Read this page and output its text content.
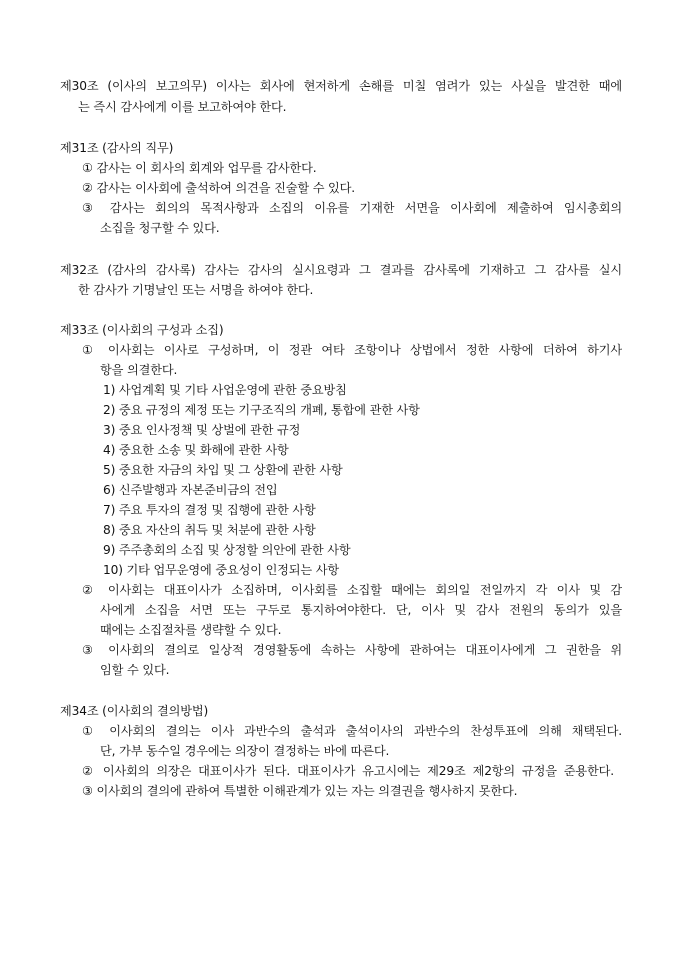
제30조 (이사의 보고의무) 이사는 회사에 현저하게 손해를 미칠 염려가 있는 사실을 발견한 때에
는 즉시 감사에게 이를 보고하여야 한다.
제31조 (감사의 직무)
① 감사는 이 회사의 회계와 업무를 감사한다.
② 감사는 이사회에 출석하여 의견을 진술할 수 있다.
③ 감사는 회의의 목적사항과 소집의 이유를 기재한 서면을 이사회에 제출하여 임시총회의
소집을 청구할 수 있다.
제32조 (감사의 감사록) 감사는 감사의 실시요령과 그 결과를 감사록에 기재하고 그 감사를 실시
한 감사가 기명날인 또는 서명을 하여야 한다.
제33조 (이사회의 구성과 소집)
① 이사회는 이사로 구성하며, 이 정관 여타 조항이나 상법에서 정한 사항에 더하여 하기사
항을 의결한다.
1) 사업계획 및 기타 사업운영에 관한 중요방침
2) 중요 규정의 제정 또는 기구조직의 개폐, 통합에 관한 사항
3) 중요 인사정책 및 상벌에 관한 규정
4) 중요한 소송 및 화해에 관한 사항
5) 중요한 자금의 차입 및 그 상환에 관한 사항
6) 신주발행과 자본준비금의 전입
7) 주요 투자의 결정 및 집행에 관한 사항
8) 중요 자산의 취득 및 처분에 관한 사항
9) 주주총회의 소집 및 상정할 의안에 관한 사항
10) 기타 업무운영에 중요성이 인정되는 사항
② 이사회는 대표이사가 소집하며, 이사회를 소집할 때에는 회의일 전일까지 각 이사 및 감
사에게 소집을 서면 또는 구두로 통지하여야한다. 단, 이사 및 감사 전원의 동의가 있을
때에는 소집절차를 생략할 수 있다.
③ 이사회의 결의로 일상적 경영활동에 속하는 사항에 관하여는 대표이사에게 그 권한을 위
임할 수 있다.
제34조 (이사회의 결의방법)
① 이사회의 결의는 이사 과반수의 출석과 출석이사의 과반수의 찬성투표에 의해 채택된다.
단, 가부 동수일 경우에는 의장이 결정하는 바에 따른다.
② 이사회의 의장은 대표이사가 된다. 대표이사가 유고시에는 제29조 제2항의 규정을 준용한다.
③ 이사회의 결의에 관하여 특별한 이해관계가 있는 자는 의결권을 행사하지 못한다.
